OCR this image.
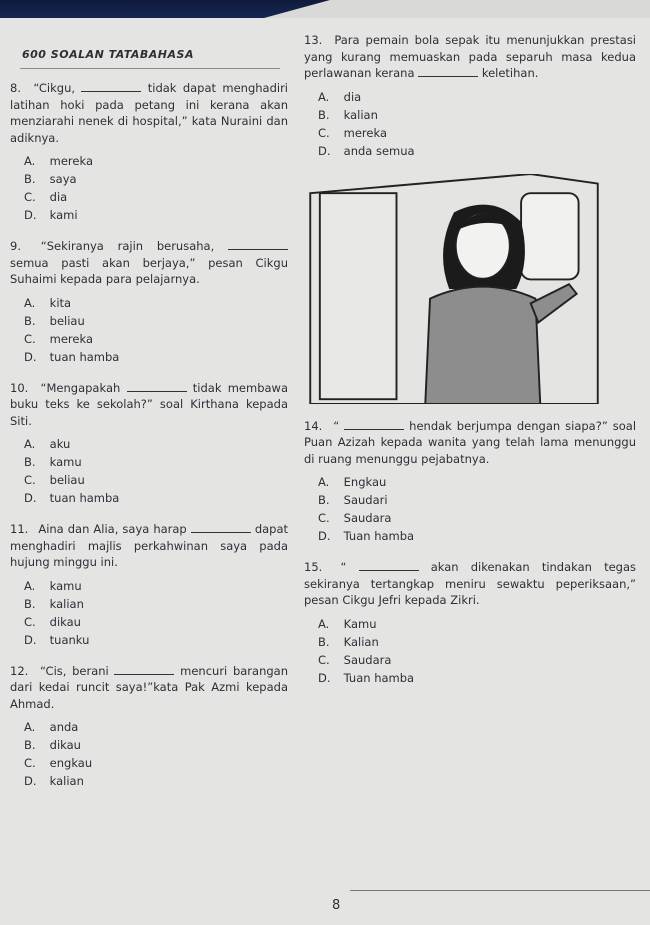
600 SOALAN TATABAHASA
8. “Cikgu,	tidak dapat menghadiri latihan hoki pada petang ini kerana akan menziarahi nenek di hospital,” kata Nuraini dan adiknya.
A. mereka
B. saya
C. dia
D. kami
9. “Sekiranya rajin berusaha,  semua pasti akan berjaya,” pesan Cikgu Suhaimi kepada para pelajarnya.
A. kita
B. beliau
C. mereka
D. tuan hamba
10. “Mengapakah	tidak membawa buku teks ke sekolah?” soal Kirthana kepada Siti.
A. aku
B. kamu
C. beliau
D. tuan hamba
11. Aina dan Alia, saya harap	dapat menghadiri majlis perkahwinan saya pada hujung minggu ini.
A. kamu
B. kalian
C. dikau
D. tuanku
12. “Cis, berani	mencuri barangan dari kedai runcit saya!”kata Pak Azmi kepada Ahmad.
A. anda
B. dikau
C. engkau
D. kalian
13. Para pemain bola sepak itu menunjukkan prestasi yang kurang memuaskan pada separuh masa kedua perlawanan kerana	keletihan.
A. dia
B. kalian
C. mereka
D. anda semua
14. “	hendak berjumpa dengan siapa?” soal Puan Azizah kepada wanita yang telah lama menunggu di ruang menunggu pejabatnya.
A. Engkau
B. Saudari
C. Saudara
D. Tuan hamba
15. “	akan dikenakan tindakan tegas sekiranya tertangkap meniru sewaktu peperiksaan,” pesan Cikgu Jefri kepada Zikri.
A. Kamu
B. Kalian
C. Saudara
D. Tuan hamba
8
